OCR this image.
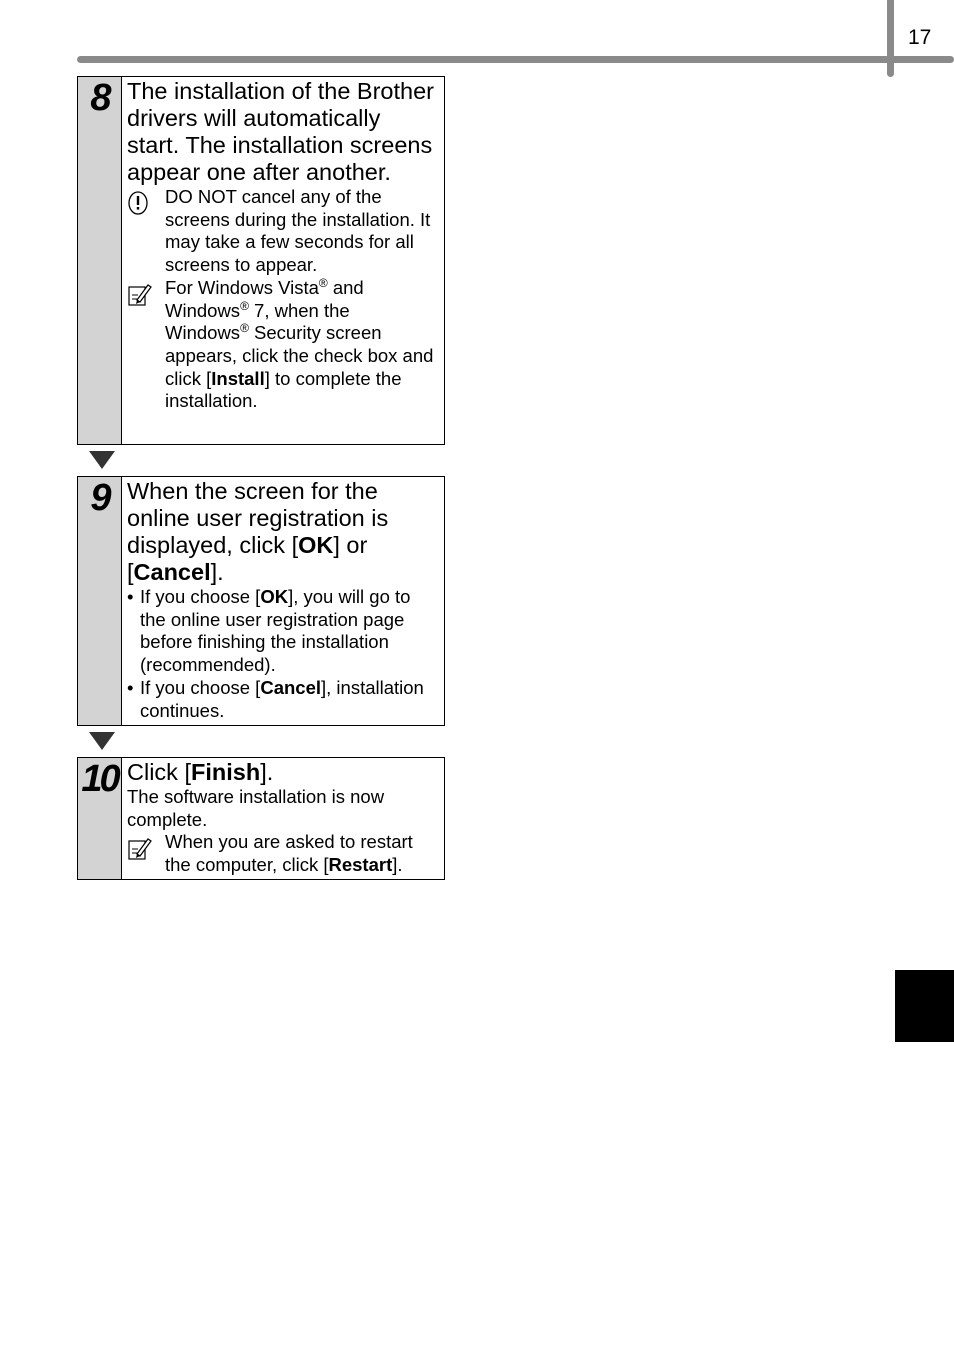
17
8 The installation of the Brother drivers will automatically start. The installation screens appear one after another.
DO NOT cancel any of the screens during the installation. It may take a few seconds for all screens to appear.
For Windows Vista® and Windows® 7, when the Windows® Security screen appears, click the check box and click [Install] to complete the installation.
9 When the screen for the online user registration is displayed, click [OK] or [Cancel].
• If you choose [OK], you will go to the online user registration page before finishing the installation (recommended).
• If you choose [Cancel], installation continues.
10 Click [Finish].
The software installation is now complete.
When you are asked to restart the computer, click [Restart].
